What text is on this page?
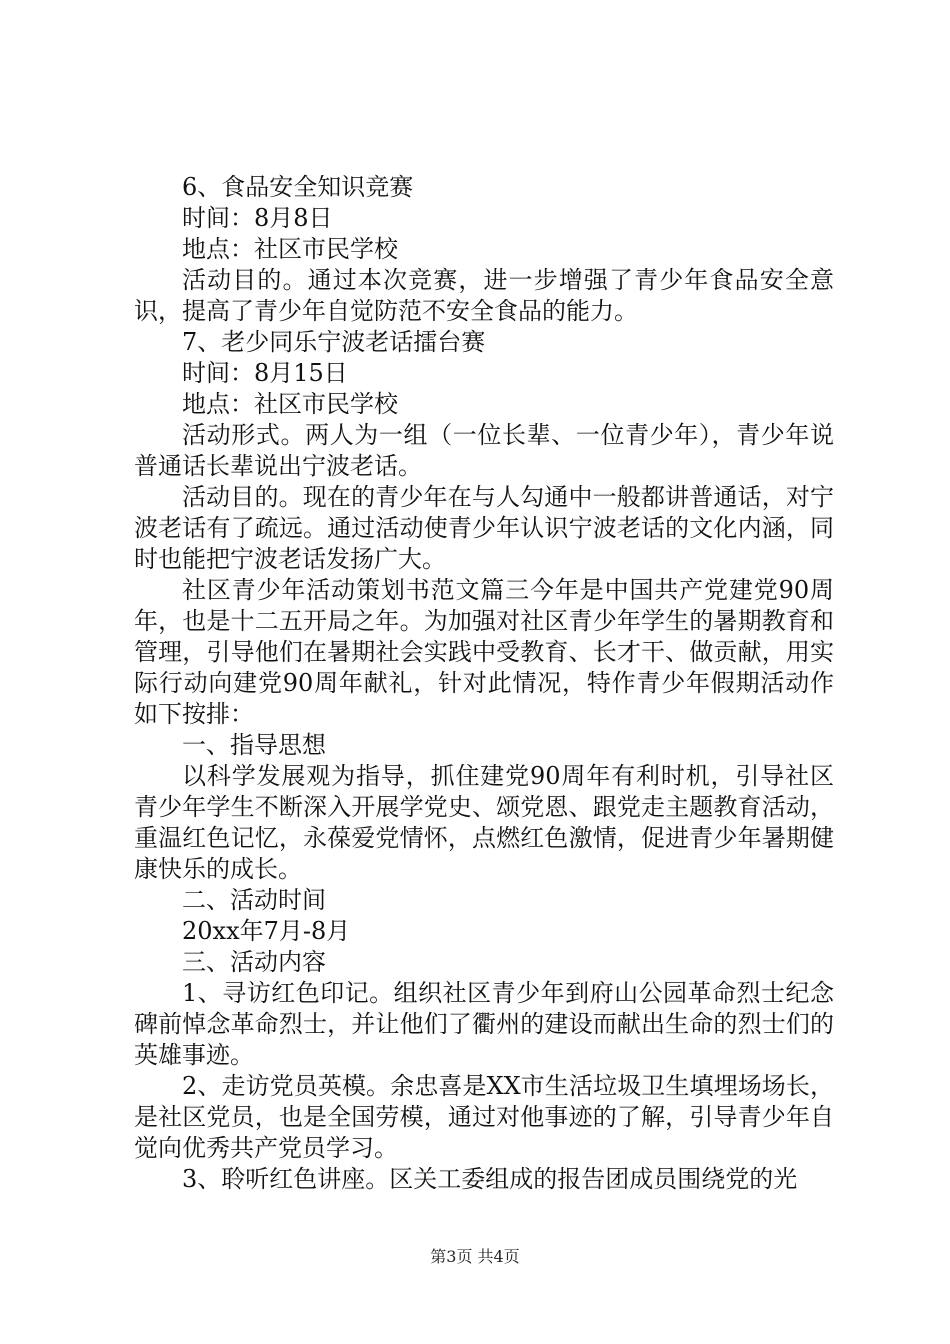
6、食品安全知识竞赛

时间：8月8日

地点：社区市民学校

活动目的。通过本次竞赛，进一步增强了青少年食品安全意识，提高了青少年自觉防范不安全食品的能力。

7、老少同乐宁波老话擂台赛

时间：8月15日

地点：社区市民学校

活动形式。两人为一组（一位长辈、一位青少年），青少年说普通话长辈说出宁波老话。

活动目的。现在的青少年在与人勾通中一般都讲普通话，对宁波老话有了疏远。通过活动使青少年认识宁波老话的文化内涵，同时也能把宁波老话发扬广大。

社区青少年活动策划书范文篇三今年是中国共产党建党90周年，也是十二五开局之年。为加强对社区青少年学生的暑期教育和管理，引导他们在暑期社会实践中受教育、长才干、做贡献，用实际行动向建党90周年献礼，针对此情况，特作青少年假期活动作如下按排：

一、指导思想

以科学发展观为指导，抓住建党90周年有利时机，引导社区青少年学生不断深入开展学党史、颂党恩、跟党走主题教育活动，重温红色记忆，永葆爱党情怀，点燃红色激情，促进青少年暑期健康快乐的成长。

二、活动时间

20xx年7月-8月

三、活动内容

1、寻访红色印记。组织社区青少年到府山公园革命烈士纪念碑前悼念革命烈士，并让他们了衢州的建设而献出生命的烈士们的英雄事迹。

2、走访党员英模。余忠喜是XX市生活垃圾卫生填埋场场长，是社区党员，也是全国劳模，通过对他事迹的了解，引导青少年自觉向优秀共产党员学习。

3、聆听红色讲座。区关工委组成的报告团成员围绕党的光

第3页 共4页
